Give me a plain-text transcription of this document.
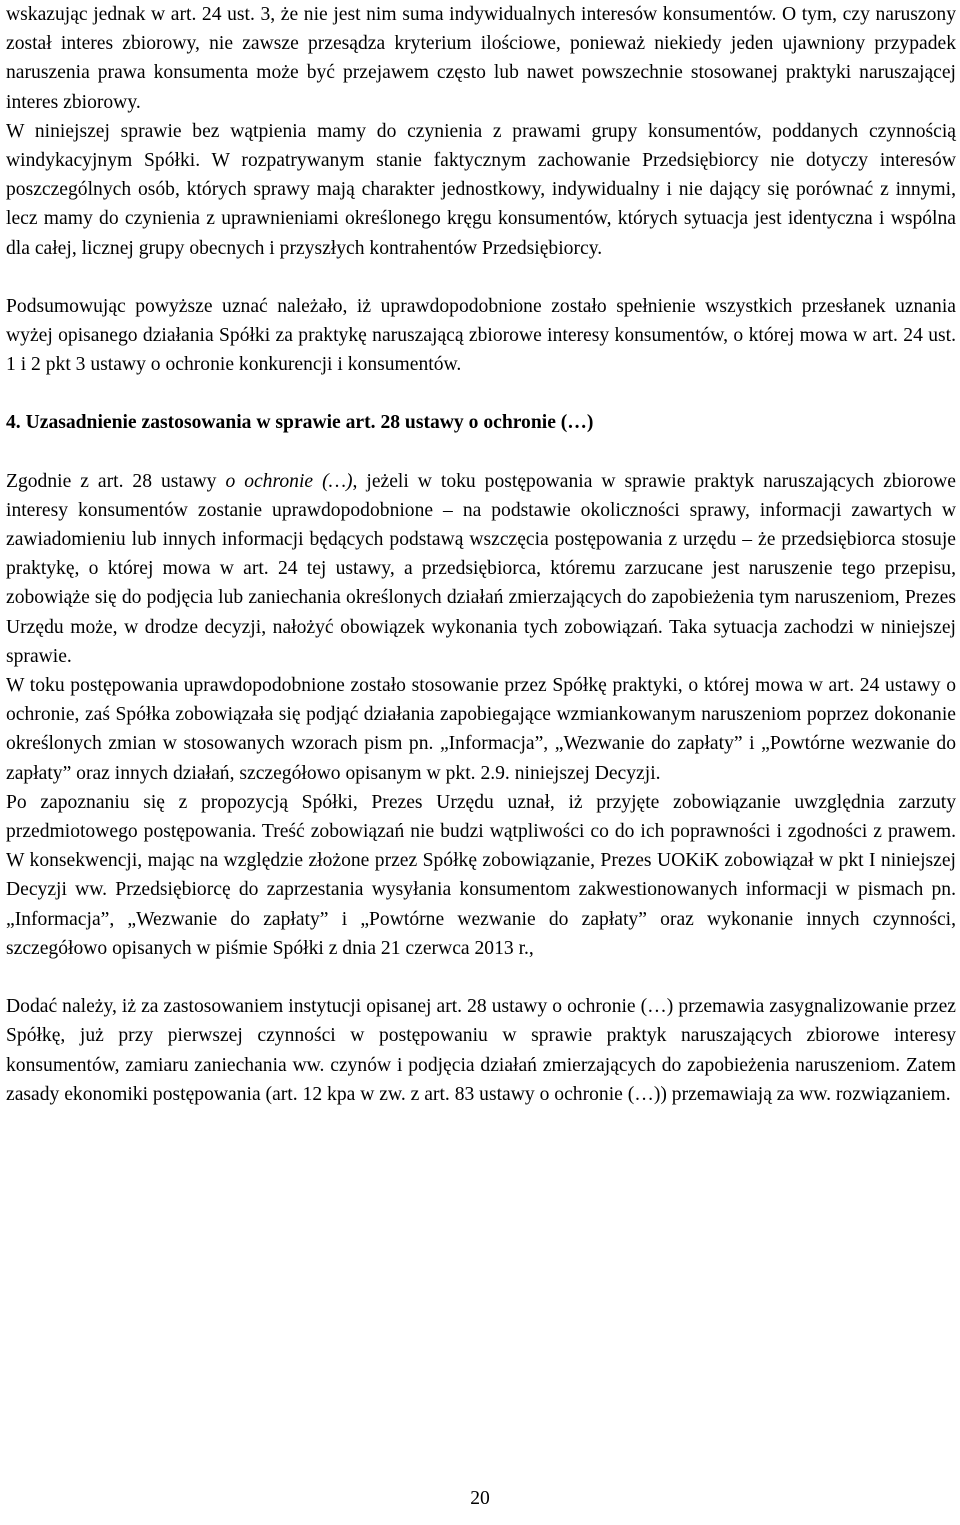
wskazując jednak w art. 24 ust. 3, że nie jest nim suma indywidualnych interesów konsumentów. O tym, czy naruszony został interes zbiorowy, nie zawsze przesądza kryterium ilościowe, ponieważ niekiedy jeden ujawniony przypadek naruszenia prawa konsumenta może być przejawem często lub nawet powszechnie stosowanej praktyki naruszającej interes zbiorowy.

W niniejszej sprawie bez wątpienia mamy do czynienia z prawami grupy konsumentów, poddanych czynnością windykacyjnym Spółki. W rozpatrywanym stanie faktycznym zachowanie Przedsiębiorcy nie dotyczy interesów poszczególnych osób, których sprawy mają charakter jednostkowy, indywidualny i nie dający się porównać z innymi, lecz mamy do czynienia z uprawnieniami określonego kręgu konsumentów, których sytuacja jest identyczna i wspólna dla całej, licznej grupy obecnych i przyszłych kontrahentów Przedsiębiorcy.

Podsumowując powyższe uznać należało, iż uprawdopodobnione zostało spełnienie wszystkich przesłanek uznania wyżej opisanego działania Spółki za praktykę naruszającą zbiorowe interesy konsumentów, o której mowa w art. 24 ust. 1 i 2 pkt 3 ustawy o ochronie konkurencji i konsumentów.

4. Uzasadnienie zastosowania w sprawie art. 28 ustawy o ochronie (…)

Zgodnie z art. 28 ustawy o ochronie (…), jeżeli w toku postępowania w sprawie praktyk naruszających zbiorowe interesy konsumentów zostanie uprawdopodobnione – na podstawie okoliczności sprawy, informacji zawartych w zawiadomieniu lub innych informacji będących podstawą wszczęcia postępowania z urzędu – że przedsiębiorca stosuje praktykę, o której mowa w art. 24 tej ustawy, a przedsiębiorca, któremu zarzucane jest naruszenie tego przepisu, zobowiąże się do podjęcia lub zaniechania określonych działań zmierzających do zapobieżenia tym naruszeniom, Prezes Urzędu może, w drodze decyzji, nałożyć obowiązek wykonania tych zobowiązań. Taka sytuacja zachodzi w niniejszej sprawie.

W toku postępowania uprawdopodobnione zostało stosowanie przez Spółkę praktyki, o której mowa w art. 24 ustawy o ochronie, zaś Spółka zobowiązała się podjąć działania zapobiegające wzmiankowanym naruszeniom poprzez dokonanie określonych zmian w stosowanych wzorach pism pn. „Informacja”, „Wezwanie do zapłaty” i „Powtórne wezwanie do zapłaty” oraz innych działań, szczegółowo opisanym w pkt. 2.9. niniejszej Decyzji.

Po zapoznaniu się z propozycją Spółki, Prezes Urzędu uznał, iż przyjęte zobowiązanie uwzględnia zarzuty przedmiotowego postępowania. Treść zobowiązań nie budzi wątpliwości co do ich poprawności i zgodności z prawem. W konsekwencji, mając na względzie złożone przez Spółkę zobowiązanie, Prezes UOKiK zobowiązał w pkt I niniejszej Decyzji ww. Przedsiębiorcę do zaprzestania wysyłania konsumentom zakwestionowanych informacji w pismach pn. „Informacja”, „Wezwanie do zapłaty” i „Powtórne wezwanie do zapłaty” oraz wykonanie innych czynności, szczegółowo opisanych w piśmie Spółki z dnia 21 czerwca 2013 r.,

Dodać należy, iż za zastosowaniem instytucji opisanej art. 28 ustawy o ochronie (…) przemawia zasygnalizowanie przez Spółkę, już przy pierwszej czynności w postępowaniu w sprawie praktyk naruszających zbiorowe interesy konsumentów, zamiaru zaniechania ww. czynów i podjęcia działań zmierzających do zapobieżenia naruszeniom. Zatem zasady ekonomiki postępowania (art. 12 kpa w zw. z art. 83 ustawy o ochronie (…)) przemawiają za ww. rozwiązaniem.

20
